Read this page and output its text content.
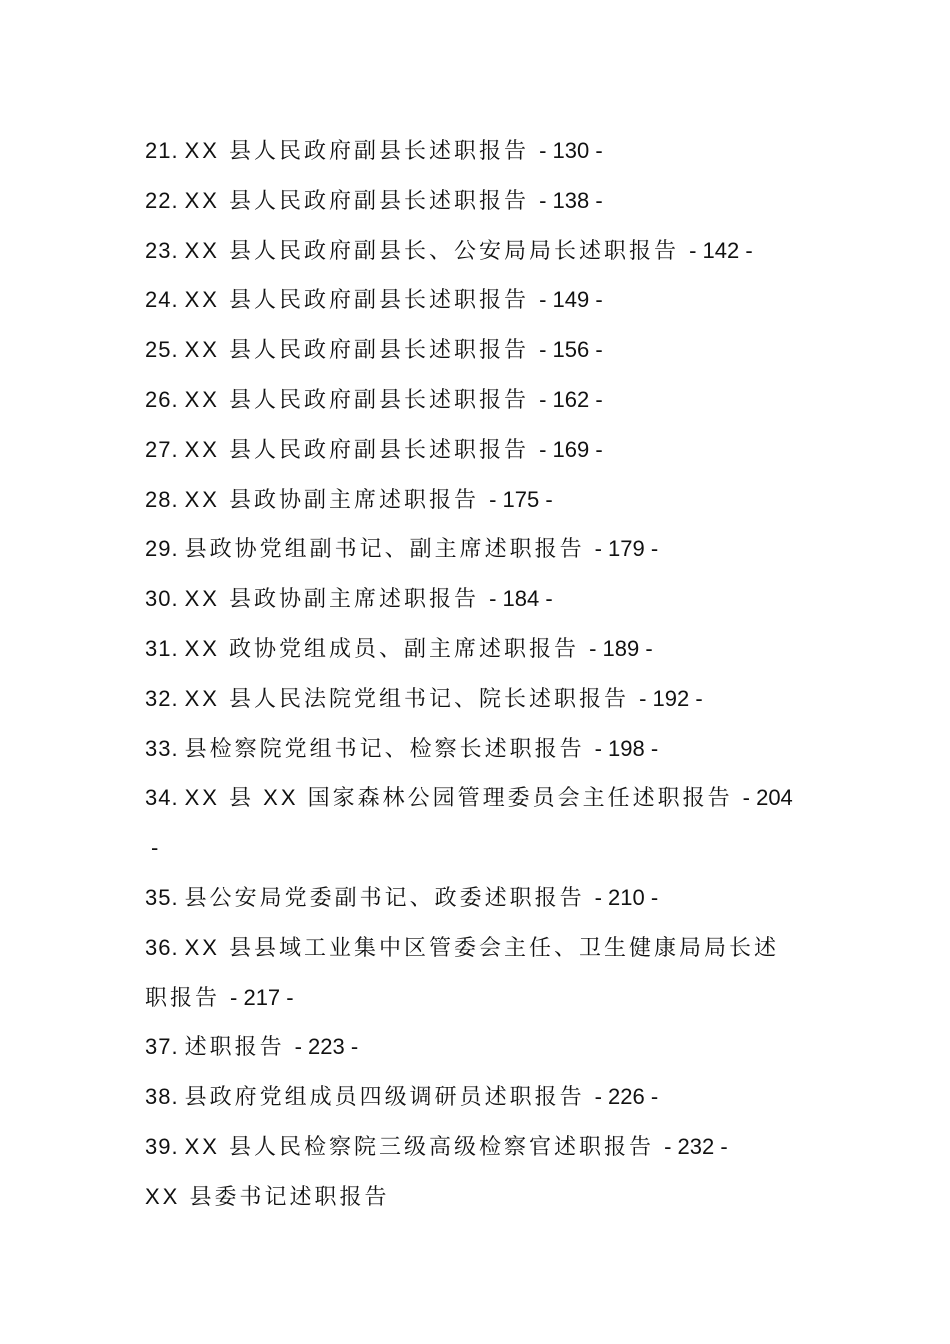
21. XX 县人民政府副县长述职报告 - 130 -
22. XX 县人民政府副县长述职报告 - 138 -
23. XX 县人民政府副县长、公安局局长述职报告 - 142 -
24. XX 县人民政府副县长述职报告 - 149 -
25. XX 县人民政府副县长述职报告 - 156 -
26. XX 县人民政府副县长述职报告 - 162 -
27. XX 县人民政府副县长述职报告 - 169 -
28. XX 县政协副主席述职报告 - 175 -
29. 县政协党组副书记、副主席述职报告 - 179 -
30. XX 县政协副主席述职报告 - 184 -
31. XX 政协党组成员、副主席述职报告 - 189 -
32. XX 县人民法院党组书记、院长述职报告 - 192 -
33. 县检察院党组书记、检察长述职报告 - 198 -
34. XX 县 XX 国家森林公园管理委员会主任述职报告 - 204
-
35. 县公安局党委副书记、政委述职报告 - 210 -
36. XX 县县域工业集中区管委会主任、卫生健康局局长述
职报告 - 217 -
37. 述职报告 - 223 -
38. 县政府党组成员四级调研员述职报告 - 226 -
39. XX 县人民检察院三级高级检察官述职报告 - 232 -
XX 县委书记述职报告
